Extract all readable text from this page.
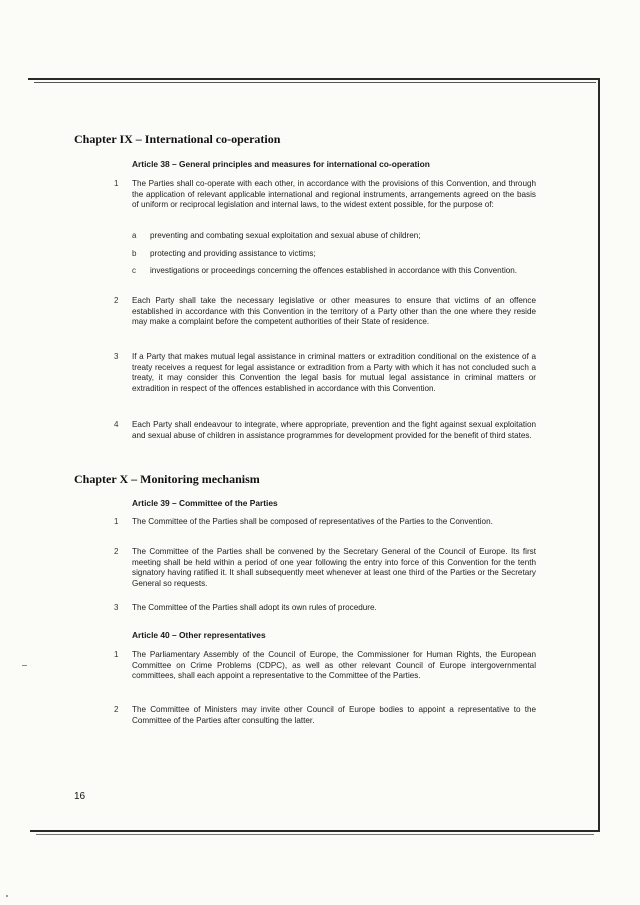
Chapter IX – International co-operation
Article 38 – General principles and measures for international co-operation
1 The Parties shall co-operate with each other, in accordance with the provisions of this Convention, and through the application of relevant applicable international and regional instruments, arrangements agreed on the basis of uniform or reciprocal legislation and internal laws, to the widest extent possible, for the purpose of:

a preventing and combating sexual exploitation and sexual abuse of children;

b protecting and providing assistance to victims;

c investigations or proceedings concerning the offences established in accordance with this Convention.

2 Each Party shall take the necessary legislative or other measures to ensure that victims of an offence established in accordance with this Convention in the territory of a Party other than the one where they reside may make a complaint before the competent authorities of their State of residence.

3 If a Party that makes mutual legal assistance in criminal matters or extradition conditional on the existence of a treaty receives a request for legal assistance or extradition from a Party with which it has not concluded such a treaty, it may consider this Convention the legal basis for mutual legal assistance in criminal matters or extradition in respect of the offences established in accordance with this Convention.

4 Each Party shall endeavour to integrate, where appropriate, prevention and the fight against sexual exploitation and sexual abuse of children in assistance programmes for development provided for the benefit of third states.

Chapter X – Monitoring mechanism
Article 39 – Committee of the Parties
1 The Committee of the Parties shall be composed of representatives of the Parties to the Convention.

2 The Committee of the Parties shall be convened by the Secretary General of the Council of Europe. Its first meeting shall be held within a period of one year following the entry into force of this Convention for the tenth signatory having ratified it. It shall subsequently meet whenever at least one third of the Parties or the Secretary General so requests.

3 The Committee of the Parties shall adopt its own rules of procedure.

Article 40 – Other representatives
1 The Parliamentary Assembly of the Council of Europe, the Commissioner for Human Rights, the European Committee on Crime Problems (CDPC), as well as other relevant Council of Europe intergovernmental committees, shall each appoint a representative to the Committee of the Parties.

2 The Committee of Ministers may invite other Council of Europe bodies to appoint a representative to the Committee of the Parties after consulting the latter.

16
